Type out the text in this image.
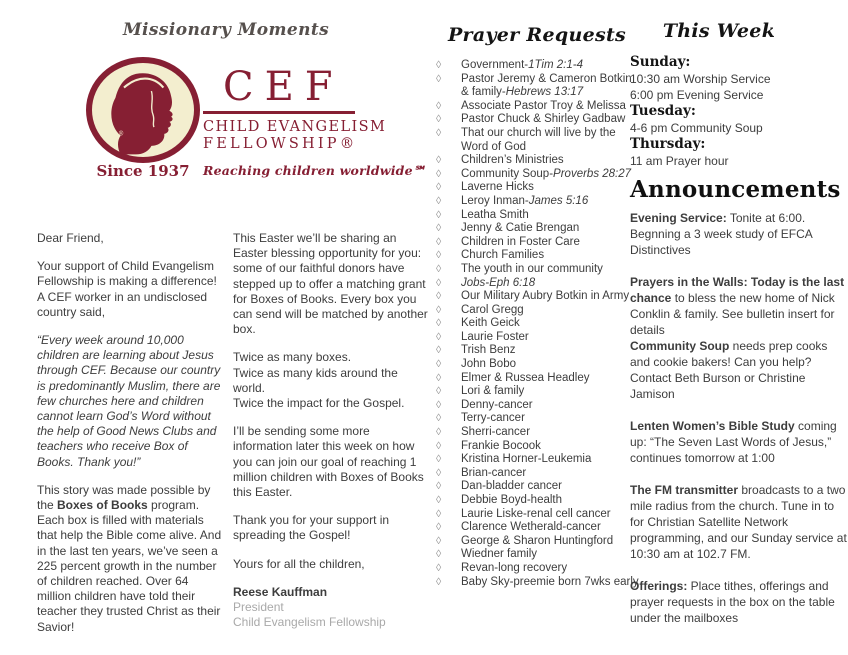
Missionary Moments
®
Since 1937
CEF
CHILD EVANGELISM
FELLOWSHIP®
Reaching children worldwide℠

Dear Friend,

Your support of Child Evangelism Fellowship is making a difference! A CEF worker in an undisclosed country said,

“Every week around 10,000 children are learning about Jesus through CEF. Because our country is predominantly Muslim, there are few churches here and children cannot learn God’s Word without the help of Good News Clubs and teachers who receive Box of Books. Thank you!”

This story was made possible by the Boxes of Books program. Each box is filled with materials that help the Bible come alive. And in the last ten years, we’ve seen a 225 percent growth in the number of children reached. Over 64 million children have told their teacher they trusted Christ as their Savior!

This Easter we’ll be sharing an Easter blessing opportunity for you: some of our faithful donors have stepped up to offer a matching grant for Boxes of Books. Every box you can send will be matched by another box.

Twice as many boxes.
Twice as many kids around the world.
Twice the impact for the Gospel.

I’ll be sending some more information later this week on how you can join our goal of reaching 1 million children with Boxes of Books this Easter.

Thank you for your support in spreading the Gospel!

Yours for all the children,

Reese Kauffman
President
Child Evangelism Fellowship

Prayer Requests
◊	Government-1Tim 2:1-4
◊	Pastor Jeremy & Cameron Botkin & family-Hebrews 13:17
◊	Associate Pastor Troy & Melissa
◊	Pastor Chuck & Shirley Gadbaw
◊	That our church will live by the Word of God
◊	Children’s Ministries
◊	Community Soup-Proverbs 28:27
◊	Laverne Hicks
◊	Leroy Inman-James 5:16
◊	Leatha Smith
◊	Jenny & Catie Brengan
◊	Children in Foster Care
◊	Church Families
◊	The youth in our community
◊	Jobs-Eph 6:18
◊	Our Military Aubry Botkin in Army
◊	Carol Gregg
◊	Keith Geick
◊	Laurie Foster
◊	Trish Benz
◊	John Bobo
◊	Elmer & Russea Headley
◊	Lori & family
◊	Denny-cancer
◊	Terry-cancer
◊	Sherri-cancer
◊	Frankie Bocook
◊	Kristina Horner-Leukemia
◊	Brian-cancer
◊	Dan-bladder cancer
◊	Debbie Boyd-health
◊	Laurie Liske-renal cell cancer
◊	Clarence Wetherald-cancer
◊	George & Sharon Huntingford
◊	Wiedner family
◊	Revan-long recovery
◊	Baby Sky-preemie born 7wks early
This Week
Sunday:
10:30 am Worship Service
6:00 pm Evening Service
Tuesday:
4-6 pm Community Soup
Thursday:
11 am Prayer hour
Announcements

Evening Service: Tonite at 6:00. Begnning a 3 week study of EFCA Distinctives

Prayers in the Walls: Today is the last chance to bless the new home of Nick Conklin & family. See bulletin insert for details

Community Soup needs prep cooks and cookie bakers! Can you help? Contact Beth Burson or Christine Jamison

Lenten Women’s Bible Study coming up: “The Seven Last Words of Jesus,” continues tomorrow at 1:00

The FM transmitter broadcasts to a two mile radius from the church. Tune in to for Christian Satellite Network programming, and our Sunday service at 10:30 am at 102.7 FM.

Offerings: Place tithes, offerings and prayer requests in the box on the table under the mailboxes
